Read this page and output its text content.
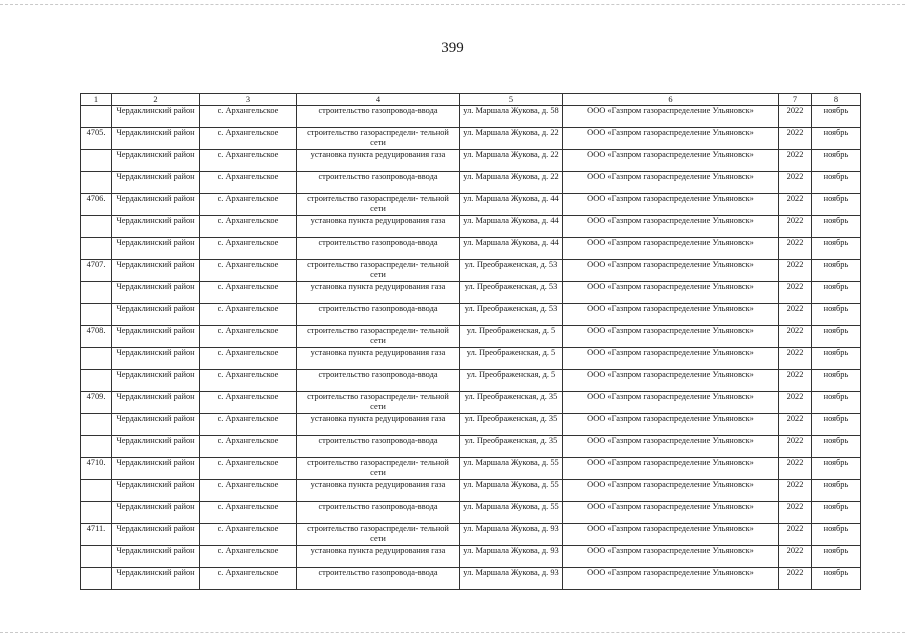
399
1	2	3	4	5	6	7	8
	Чердаклинский район	с. Архангельское	строительство газопровода-ввода	ул. Маршала Жукова, д. 58	ООО «Газпром газораспределение Ульяновск»	2022	ноябрь
4705.	Чердаклинский район	с. Архангельское	строительство газораспредели- тельной сети	ул. Маршала Жукова, д. 22	ООО «Газпром газораспределение Ульяновск»	2022	ноябрь
	Чердаклинский район	с. Архангельское	установка пункта редуцирования газа	ул. Маршала Жукова, д. 22	ООО «Газпром газораспределение Ульяновск»	2022	ноябрь
	Чердаклинский район	с. Архангельское	строительство газопровода-ввода	ул. Маршала Жукова, д. 22	ООО «Газпром газораспределение Ульяновск»	2022	ноябрь
4706.	Чердаклинский район	с. Архангельское	строительство газораспредели- тельной сети	ул. Маршала Жукова, д. 44	ООО «Газпром газораспределение Ульяновск»	2022	ноябрь
	Чердаклинский район	с. Архангельское	установка пункта редуцирования газа	ул. Маршала Жукова, д. 44	ООО «Газпром газораспределение Ульяновск»	2022	ноябрь
	Чердаклинский район	с. Архангельское	строительство газопровода-ввода	ул. Маршала Жукова, д. 44	ООО «Газпром газораспределение Ульяновск»	2022	ноябрь
4707.	Чердаклинский район	с. Архангельское	строительство газораспредели- тельной сети	ул. Преображенская, д. 53	ООО «Газпром газораспределение Ульяновск»	2022	ноябрь
	Чердаклинский район	с. Архангельское	установка пункта редуцирования газа	ул. Преображенская, д. 53	ООО «Газпром газораспределение Ульяновск»	2022	ноябрь
	Чердаклинский район	с. Архангельское	строительство газопровода-ввода	ул. Преображенская, д. 53	ООО «Газпром газораспределение Ульяновск»	2022	ноябрь
4708.	Чердаклинский район	с. Архангельское	строительство газораспредели- тельной сети	ул. Преображенская, д. 5	ООО «Газпром газораспределение Ульяновск»	2022	ноябрь
	Чердаклинский район	с. Архангельское	установка пункта редуцирования газа	ул. Преображенская, д. 5	ООО «Газпром газораспределение Ульяновск»	2022	ноябрь
	Чердаклинский район	с. Архангельское	строительство газопровода-ввода	ул. Преображенская, д. 5	ООО «Газпром газораспределение Ульяновск»	2022	ноябрь
4709.	Чердаклинский район	с. Архангельское	строительство газораспредели- тельной сети	ул. Преображенская, д. 35	ООО «Газпром газораспределение Ульяновск»	2022	ноябрь
	Чердаклинский район	с. Архангельское	установка пункта редуцирования газа	ул. Преображенская, д. 35	ООО «Газпром газораспределение Ульяновск»	2022	ноябрь
	Чердаклинский район	с. Архангельское	строительство газопровода-ввода	ул. Преображенская, д. 35	ООО «Газпром газораспределение Ульяновск»	2022	ноябрь
4710.	Чердаклинский район	с. Архангельское	строительство газораспредели- тельной сети	ул. Маршала Жукова, д. 55	ООО «Газпром газораспределение Ульяновск»	2022	ноябрь
	Чердаклинский район	с. Архангельское	установка пункта редуцирования газа	ул. Маршала Жукова, д. 55	ООО «Газпром газораспределение Ульяновск»	2022	ноябрь
	Чердаклинский район	с. Архангельское	строительство газопровода-ввода	ул. Маршала Жукова, д. 55	ООО «Газпром газораспределение Ульяновск»	2022	ноябрь
4711.	Чердаклинский район	с. Архангельское	строительство газораспредели- тельной сети	ул. Маршала Жукова, д. 93	ООО «Газпром газораспределение Ульяновск»	2022	ноябрь
	Чердаклинский район	с. Архангельское	установка пункта редуцирования газа	ул. Маршала Жукова, д. 93	ООО «Газпром газораспределение Ульяновск»	2022	ноябрь
	Чердаклинский район	с. Архангельское	строительство газопровода-ввода	ул. Маршала Жукова, д. 93	ООО «Газпром газораспределение Ульяновск»	2022	ноябрь
